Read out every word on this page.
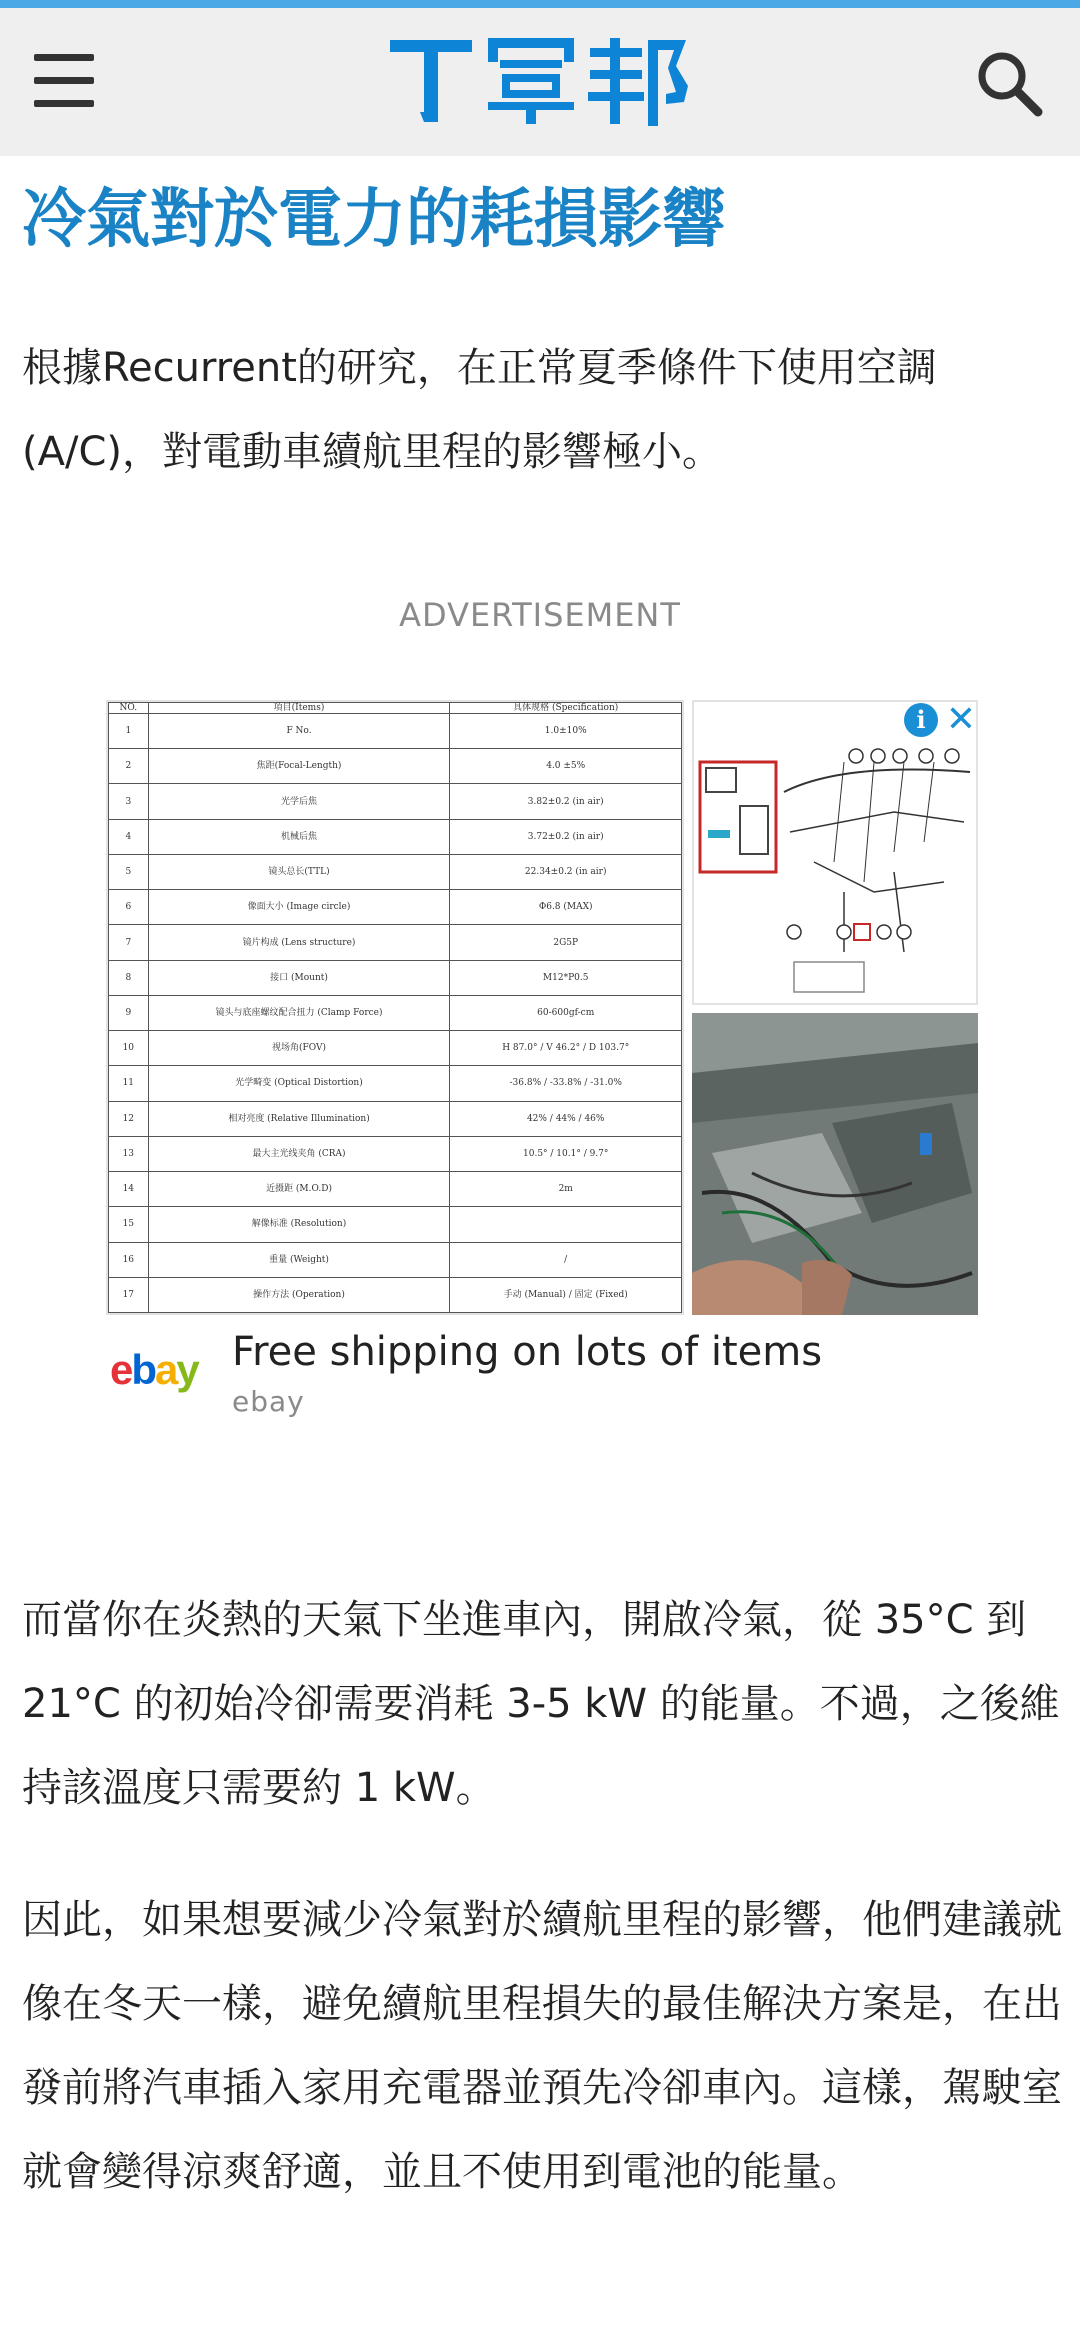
冷氣對於電力的耗損影響

根據Recurrent的研究，在正常夏季條件下使用空調(A/C)，對電動車續航里程的影響極小。

ADVERTISEMENT
NO.	項目(Items)	具体规格 (Specification)
1	F No.	1.0±10%
2	焦距(Focal-Length)	4.0 ±5%
3	光学后焦	3.82±0.2 (in air)
4	机械后焦	3.72±0.2 (in air)
5	镜头总长(TTL)	22.34±0.2 (in air)
6	像面大小 (Image circle)	Φ6.8 (MAX)
7	镜片构成 (Lens structure)	2G5P
8	接口 (Mount)	M12*P0.5
9	镜头与底座螺纹配合扭力 (Clamp Force)	60-600gf-cm
10	视场角(FOV)	H 87.0° / V 46.2° / D 103.7°
11	光学畸变 (Optical Distortion)	-36.8% / -33.8% / -31.0%
12	相对亮度 (Relative Illumination)	42% / 44% / 46%
13	最大主光线夹角 (CRA)	10.5° / 10.1° / 9.7°
14	近摄距 (M.O.D)	2m
15	解像标准 (Resolution)	
16	重量 (Weight)	/
17	操作方法 (Operation)	手动 (Manual) / 固定 (Fixed)
i ✕
ebay Free shipping on lots of items
ebay

而當你在炎熱的天氣下坐進車內，開啟冷氣，從 35°C 到 21°C 的初始冷卻需要消耗 3-5 kW 的能量。不過，之後維持該溫度只需要約 1 kW。

因此，如果想要減少冷氣對於續航里程的影響，他們建議就像在冬天一樣，避免續航里程損失的最佳解決方案是，在出發前將汽車插入家用充電器並預先冷卻車內。這樣，駕駛室就會變得涼爽舒適，並且不使用到電池的能量。
